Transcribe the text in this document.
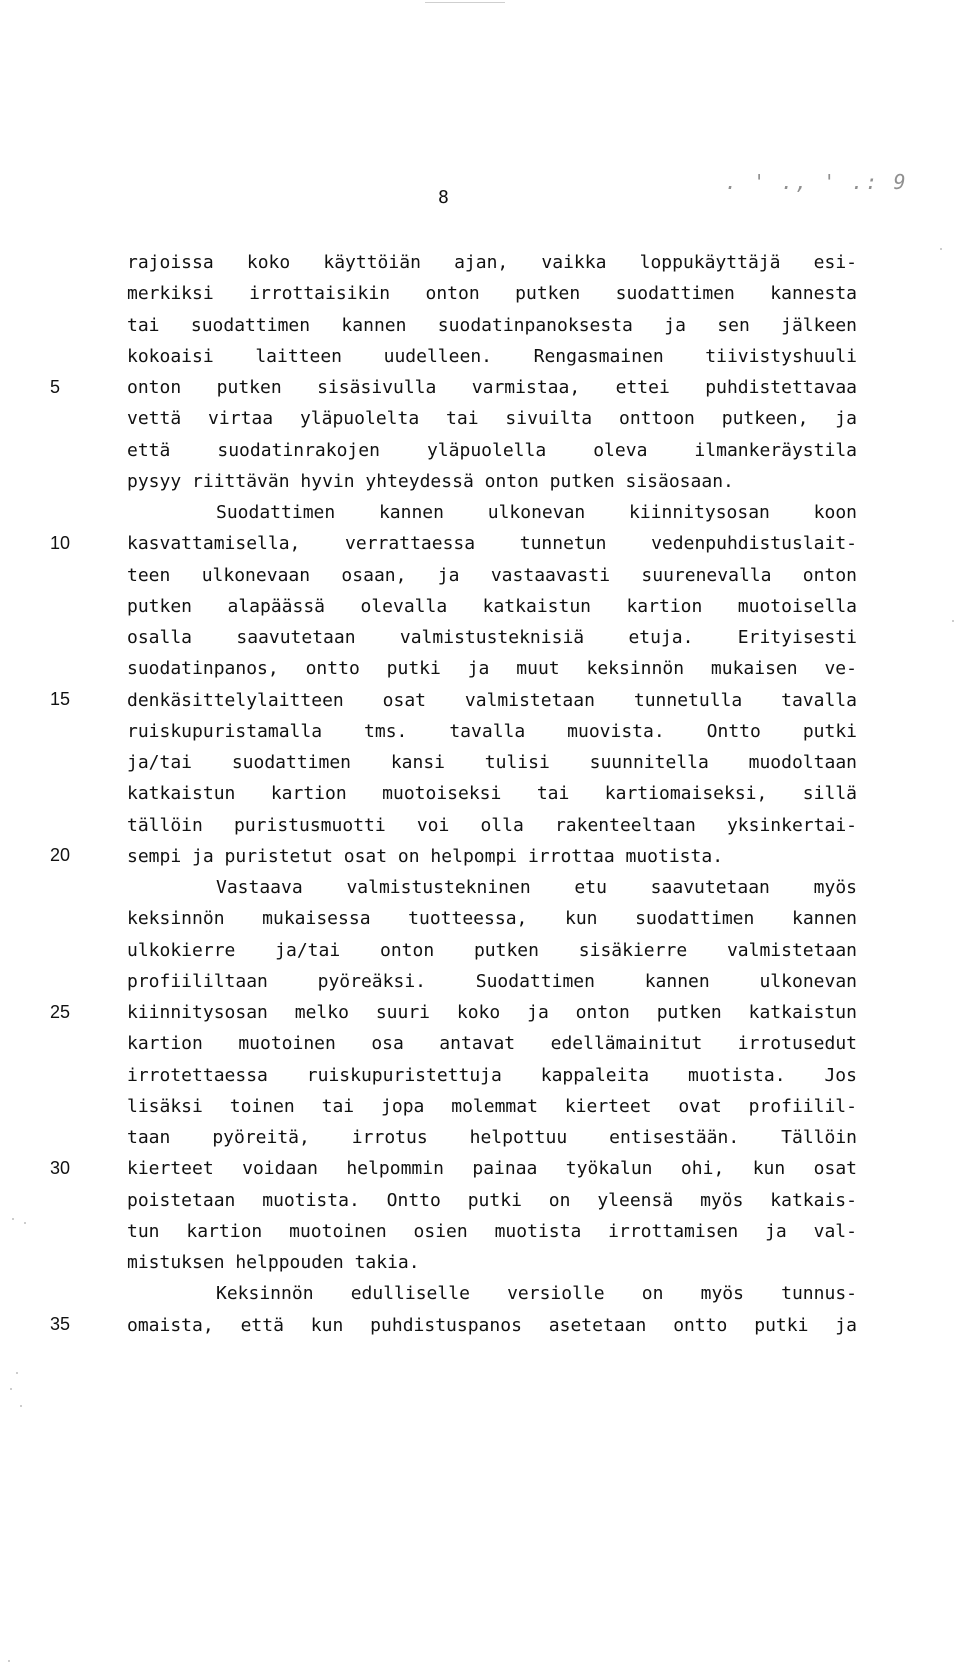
8
. ' ., ' .: 9
5
10
15
20
25
30
35
rajoissa koko käyttöiän ajan, vaikka loppukäyttäjä esi-
merkiksi irrottaisikin onton putken suodattimen kannesta
tai suodattimen kannen suodatinpanoksesta ja sen jälkeen
kokoaisi laitteen uudelleen. Rengasmainen tiivistyshuuli
onton putken sisäsivulla varmistaa, ettei puhdistettavaa
vettä virtaa yläpuolelta tai sivuilta onttoon putkeen, ja
että suodatinrakojen yläpuolella oleva ilmankeräystila
pysyy riittävän hyvin yhteydessä onton putken sisäosaan.
Suodattimen kannen ulkonevan kiinnitysosan koon
kasvattamisella, verrattaessa tunnetun vedenpuhdistuslait-
teen ulkonevaan osaan, ja vastaavasti suurenevalla onton
putken alapäässä olevalla katkaistun kartion muotoisella
osalla saavutetaan valmistusteknisiä etuja. Erityisesti
suodatinpanos, ontto putki ja muut keksinnön mukaisen ve-
denkäsittelylaitteen osat valmistetaan tunnetulla tavalla
ruiskupuristamalla tms. tavalla muovista. Ontto putki
ja/tai suodattimen kansi tulisi suunnitella muodoltaan
katkaistun kartion muotoiseksi tai kartiomaiseksi, sillä
tällöin puristusmuotti voi olla rakenteeltaan yksinkertai-
sempi ja puristetut osat on helpompi irrottaa muotista.
Vastaava valmistustekninen etu saavutetaan myös
keksinnön mukaisessa tuotteessa, kun suodattimen kannen
ulkokierre ja/tai onton putken sisäkierre valmistetaan
profiililtaan pyöreäksi. Suodattimen kannen ulkonevan
kiinnitysosan melko suuri koko ja onton putken katkaistun
kartion muotoinen osa antavat edellämainitut irrotusedut
irrotettaessa ruiskupuristettuja kappaleita muotista. Jos
lisäksi toinen tai jopa molemmat kierteet ovat profiilil-
taan pyöreitä, irrotus helpottuu entisestään. Tällöin
kierteet voidaan helpommin painaa työkalun ohi, kun osat
poistetaan muotista. Ontto putki on yleensä myös katkais-
tun kartion muotoinen osien muotista irrottamisen ja val-
mistuksen helppouden takia.
Keksinnön edulliselle versiolle on myös tunnus-
omaista, että kun puhdistuspanos asetetaan ontto putki ja
